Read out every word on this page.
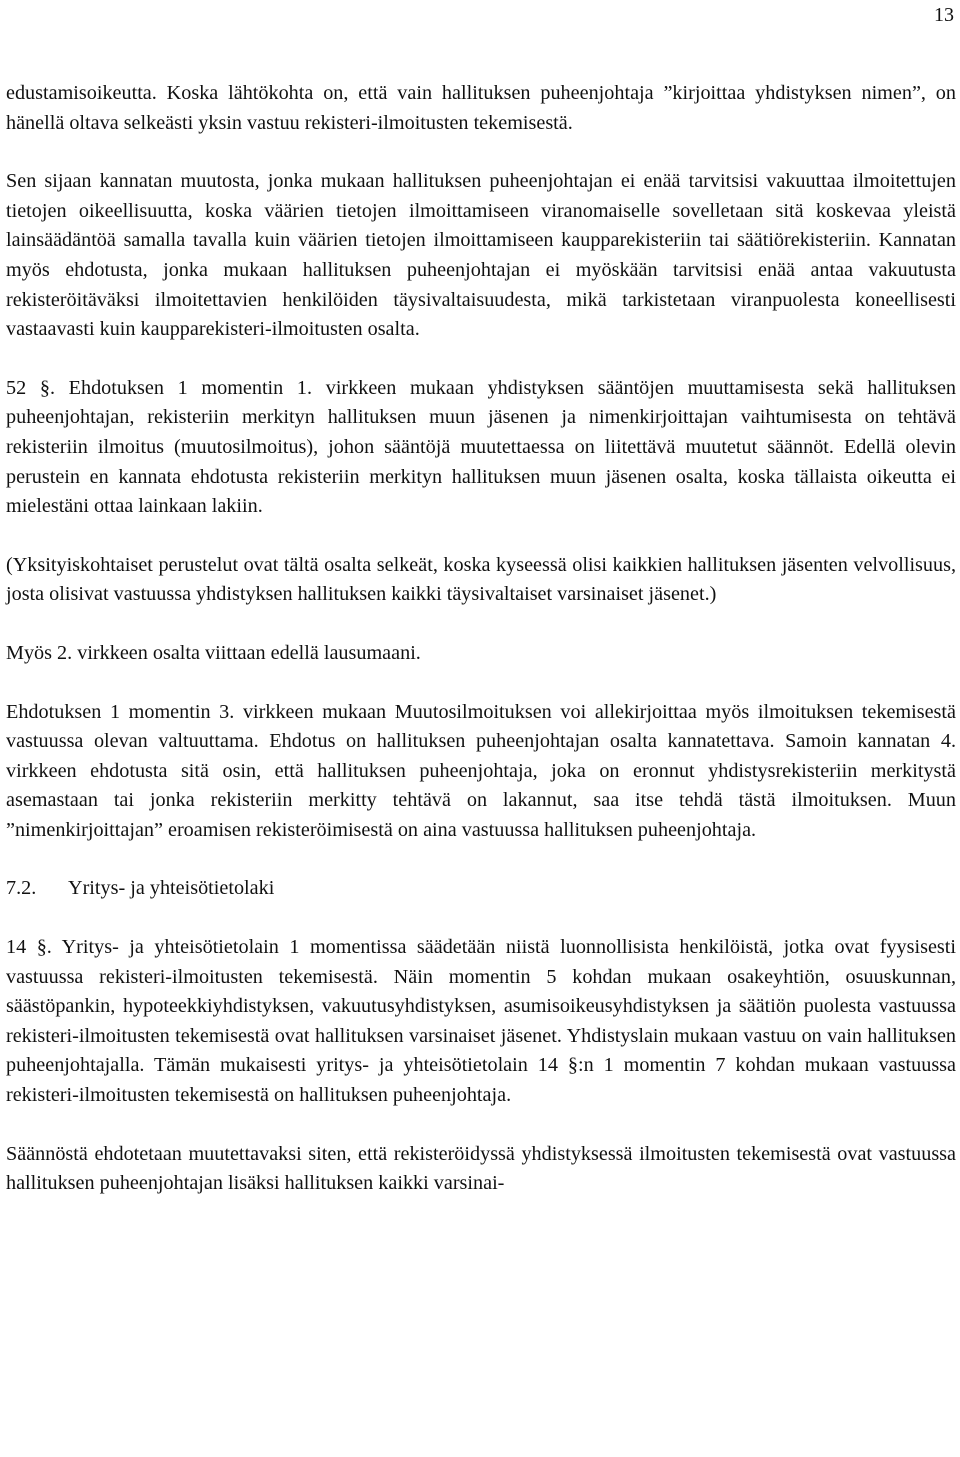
13

edustamisoikeutta. Koska lähtökohta on, että vain hallituksen puheenjohtaja ”kirjoittaa yhdistyksen nimen”, on hänellä oltava selkeästi yksin vastuu rekisteri-ilmoitusten tekemisestä.

Sen sijaan kannatan muutosta, jonka mukaan hallituksen puheenjohtajan ei enää tarvitsisi vakuuttaa ilmoitettujen tietojen oikeellisuutta, koska väärien tietojen ilmoittamiseen viranomaiselle sovelletaan sitä koskevaa yleistä lainsäädäntöä samalla tavalla kuin väärien tietojen ilmoittamiseen kaupparekisteriin tai säätiörekisteriin. Kannatan myös ehdotusta, jonka mukaan hallituksen puheenjohtajan ei myöskään tarvitsisi enää antaa vakuutusta rekisteröitäväksi ilmoitettavien henkilöiden täysivaltaisuudesta, mikä tarkistetaan viranpuolesta koneellisesti vastaavasti kuin kaupparekisteri-ilmoitusten osalta.

52 §. Ehdotuksen 1 momentin 1. virkkeen mukaan yhdistyksen sääntöjen muuttamisesta sekä hallituksen puheenjohtajan, rekisteriin merkityn hallituksen muun jäsenen ja nimenkirjoittajan vaihtumisesta on tehtävä rekisteriin ilmoitus (muutosilmoitus), johon sääntöjä muutettaessa on liitettävä muutetut säännöt. Edellä olevin perustein en kannata ehdotusta rekisteriin merkityn hallituksen muun jäsenen osalta, koska tällaista oikeutta ei mielestäni ottaa lainkaan lakiin.

(Yksityiskohtaiset perustelut ovat tältä osalta selkeät, koska kyseessä olisi kaikkien hallituksen jäsenten velvollisuus, josta olisivat vastuussa yhdistyksen hallituksen kaikki täysivaltaiset varsinaiset jäsenet.)

Myös 2. virkkeen osalta viittaan edellä lausumaani.

Ehdotuksen 1 momentin 3. virkkeen mukaan Muutosilmoituksen voi allekirjoittaa myös ilmoituksen tekemisestä vastuussa olevan valtuuttama. Ehdotus on hallituksen puheenjohtajan osalta kannatettava. Samoin kannatan 4. virkkeen ehdotusta sitä osin, että hallituksen puheenjohtaja, joka on eronnut yhdistysrekisteriin merkitystä asemastaan tai jonka rekisteriin merkitty tehtävä on lakannut, saa itse tehdä tästä ilmoituksen. Muun ”nimenkirjoittajan” eroamisen rekisteröimisestä on aina vastuussa hallituksen puheenjohtaja.

7.2. Yritys- ja yhteisötietolaki

14 §. Yritys- ja yhteisötietolain 1 momentissa säädetään niistä luonnollisista henkilöistä, jotka ovat fyysisesti vastuussa rekisteri-ilmoitusten tekemisestä. Näin momentin 5 kohdan mukaan osakeyhtiön, osuuskunnan, säästöpankin, hypoteekkiyhdistyksen, vakuutusyhdistyksen, asumisoikeusyhdistyksen ja säätiön puolesta vastuussa rekisteri-ilmoitusten tekemisestä ovat hallituksen varsinaiset jäsenet. Yhdistyslain mukaan vastuu on vain hallituksen puheenjohtajalla. Tämän mukaisesti yritys- ja yhteisötietolain 14 §:n 1 momentin 7 kohdan mukaan vastuussa rekisteri-ilmoitusten tekemisestä on hallituksen puheenjohtaja.

Säännöstä ehdotetaan muutettavaksi siten, että rekisteröidyssä yhdistyksessä ilmoitusten tekemisestä ovat vastuussa hallituksen puheenjohtajan lisäksi hallituksen kaikki varsinai-
